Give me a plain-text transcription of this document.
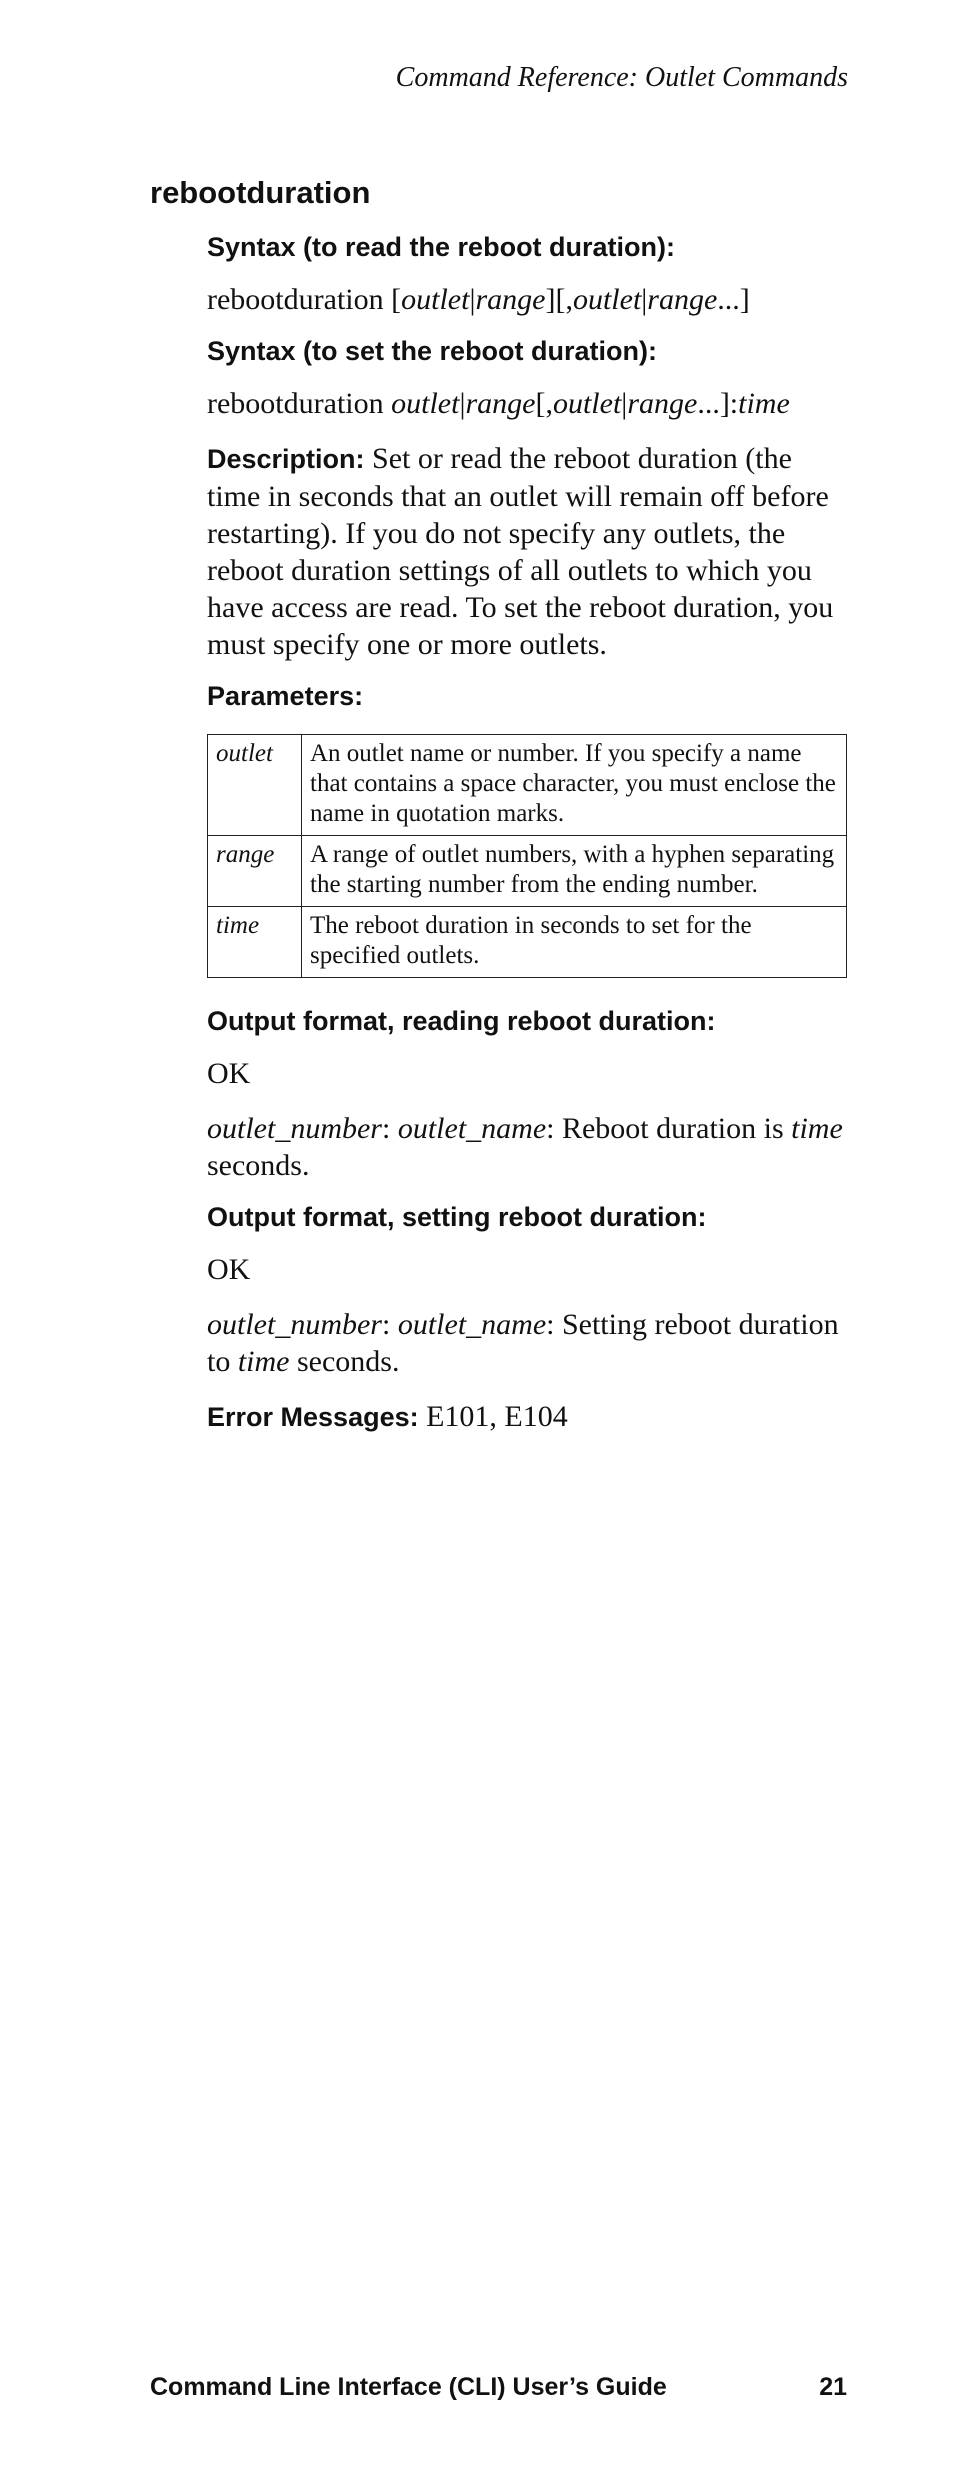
Command Reference: Outlet Commands
rebootduration

Syntax (to read the reboot duration):

rebootduration [outlet|range][,outlet|range...]

Syntax (to set the reboot duration):

rebootduration outlet|range[,outlet|range...]:time

Description: Set or read the reboot duration (the time in seconds that an outlet will remain off before restarting). If you do not specify any outlets, the reboot duration settings of all outlets to which you have access are read. To set the reboot duration, you must specify one or more outlets.

Parameters:

outlet	An outlet name or number. If you specify a name that contains a space character, you must enclose the name in quotation marks.
range	A range of outlet numbers, with a hyphen separating the starting number from the ending number.
time	The reboot duration in seconds to set for the specified outlets.

Output format, reading reboot duration:

OK

outlet_number: outlet_name: Reboot duration is time seconds.

Output format, setting reboot duration:

OK

outlet_number: outlet_name: Setting reboot duration to time seconds.

Error Messages: E101, E104

Command Line Interface (CLI) User’s Guide	21
